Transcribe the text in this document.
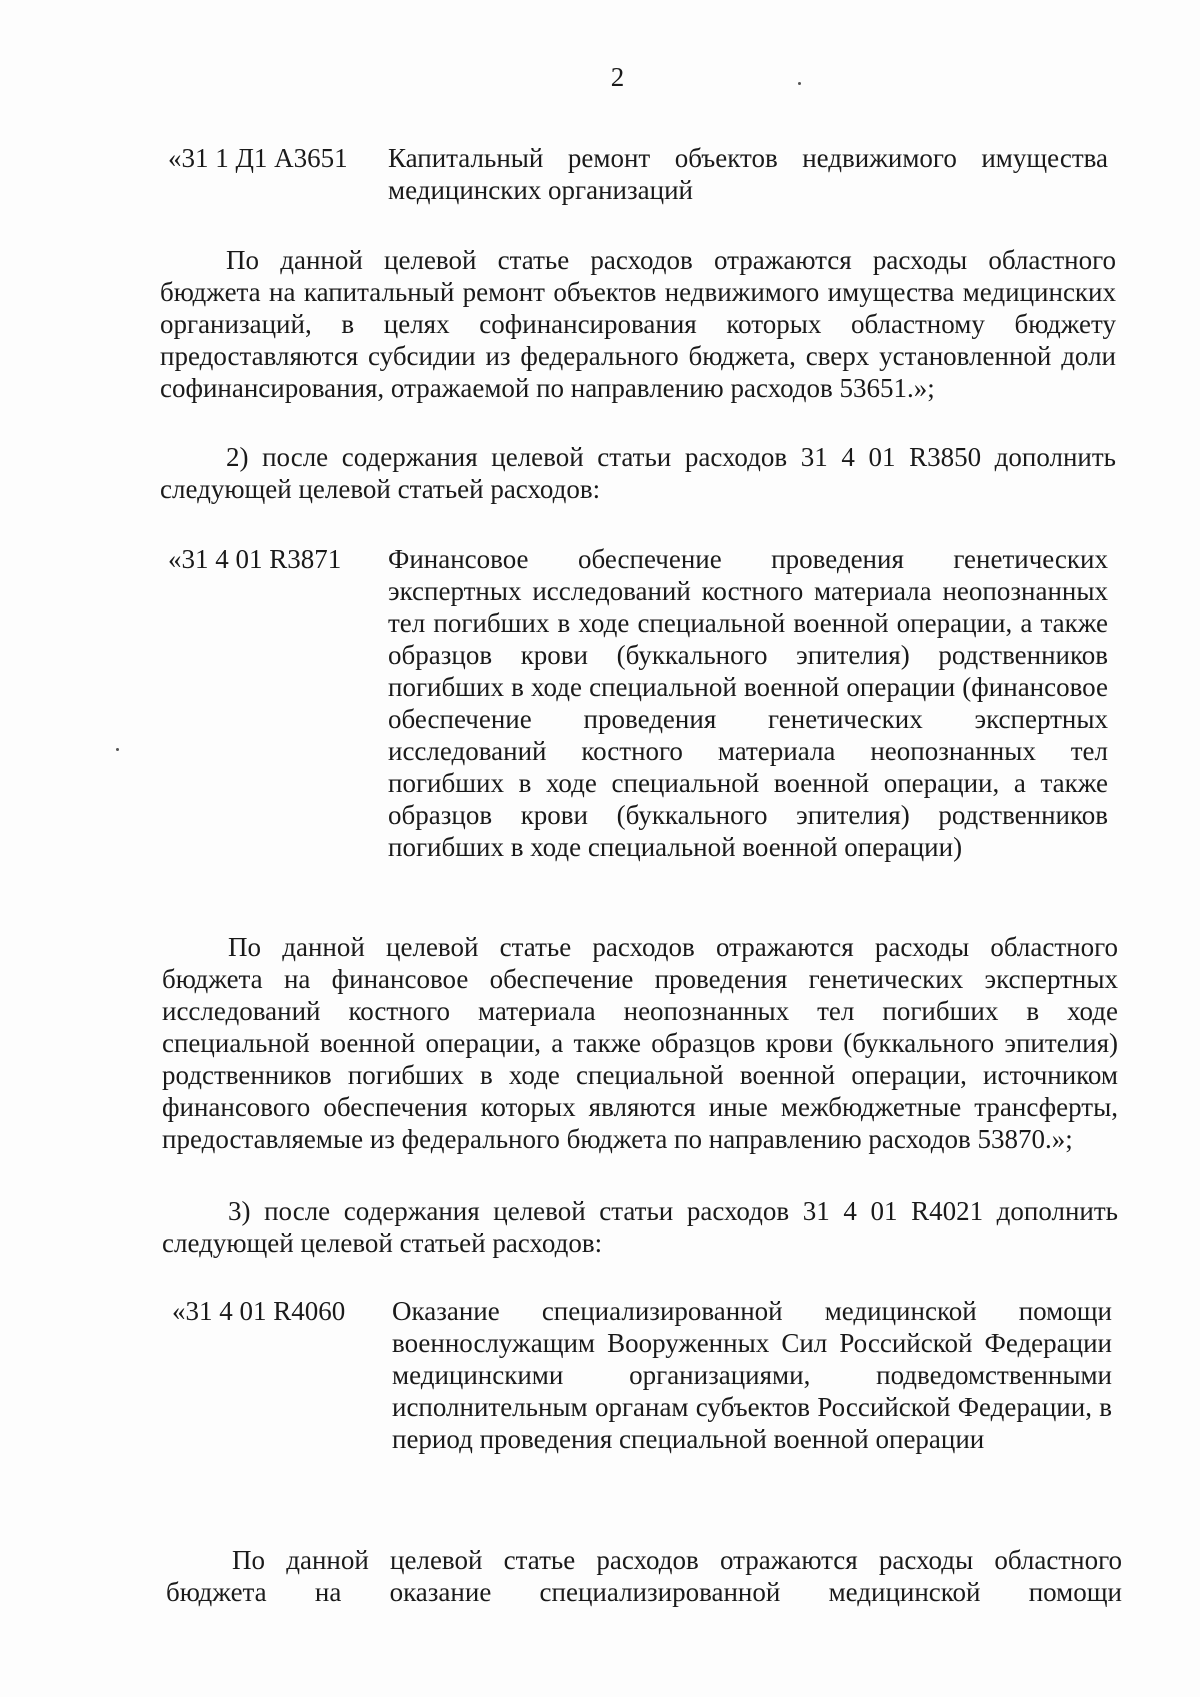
2
«31 1 Д1 А3651 Капитальный ремонт объектов недвижимого имущества медицинских организаций
По данной целевой статье расходов отражаются расходы областного бюджета на капитальный ремонт объектов недвижимого имущества медицинских организаций, в целях софинансирования которых областному бюджету предоставляются субсидии из федерального бюджета, сверх установленной доли софинансирования, отражаемой по направлению расходов 53651.»;
2) после содержания целевой статьи расходов 31 4 01 R3850 дополнить следующей целевой статьей расходов:
«31 4 01 R3871 Финансовое обеспечение проведения генетических экспертных исследований костного материала неопознанных тел погибших в ходе специальной военной операции, а также образцов крови (буккального эпителия) родственников погибших в ходе специальной военной операции (финансовое обеспечение проведения генетических экспертных исследований костного материала неопознанных тел погибших в ходе специальной военной операции, а также образцов крови (буккального эпителия) родственников погибших в ходе специальной военной операции)
По данной целевой статье расходов отражаются расходы областного бюджета на финансовое обеспечение проведения генетических экспертных исследований костного материала неопознанных тел погибших в ходе специальной военной операции, а также образцов крови (буккального эпителия) родственников погибших в ходе специальной военной операции, источником финансового обеспечения которых являются иные межбюджетные трансферты, предоставляемые из федерального бюджета по направлению расходов 53870.»;
3) после содержания целевой статьи расходов 31 4 01 R4021 дополнить следующей целевой статьей расходов:
«31 4 01 R4060 Оказание специализированной медицинской помощи военнослужащим Вооруженных Сил Российской Федерации медицинскими организациями, подведомственными исполнительным органам субъектов Российской Федерации, в период проведения специальной военной операции
По данной целевой статье расходов отражаются расходы областного бюджета на оказание специализированной медицинской помощи
